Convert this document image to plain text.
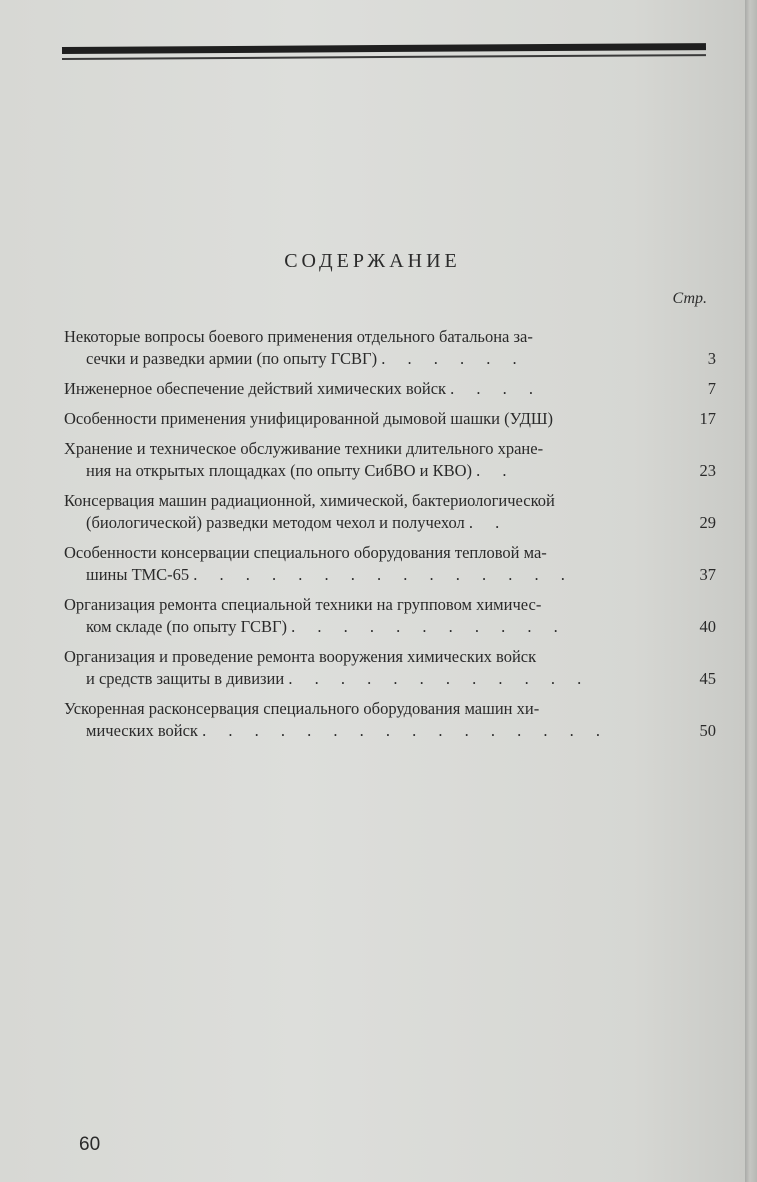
СОДЕРЖАНИЕ
Стр.
Некоторые вопросы боевого применения отдельного батальона за-
сечки и разведки армии (по опыту ГСВГ) . . . . . .	3
Инженерное обеспечение действий химических войск . . . .	7
Особенности применения унифицированной дымовой шашки (УДШ)	17
Хранение и техническое обслуживание техники длительного хране-
ния на открытых площадках (по опыту СибВО и КВО) . .	23
Консервация машин радиационной, химической, бактериологической
(биологической) разведки методом чехол и получехол . .	29
Особенности консервации специального оборудования тепловой ма-
шины ТМС-65 . . . . . . . . . . . . . . .	37
Организация ремонта специальной техники на групповом химичес-
ком складе (по опыту ГСВГ) . . . . . . . . . . .	40
Организация и проведение ремонта вооружения химических войск
и средств защиты в дивизии . . . . . . . . . . . .	45
Ускоренная расконсервация специального оборудования машин хи-
мических войск . . . . . . . . . . . . . . . .	50
60
